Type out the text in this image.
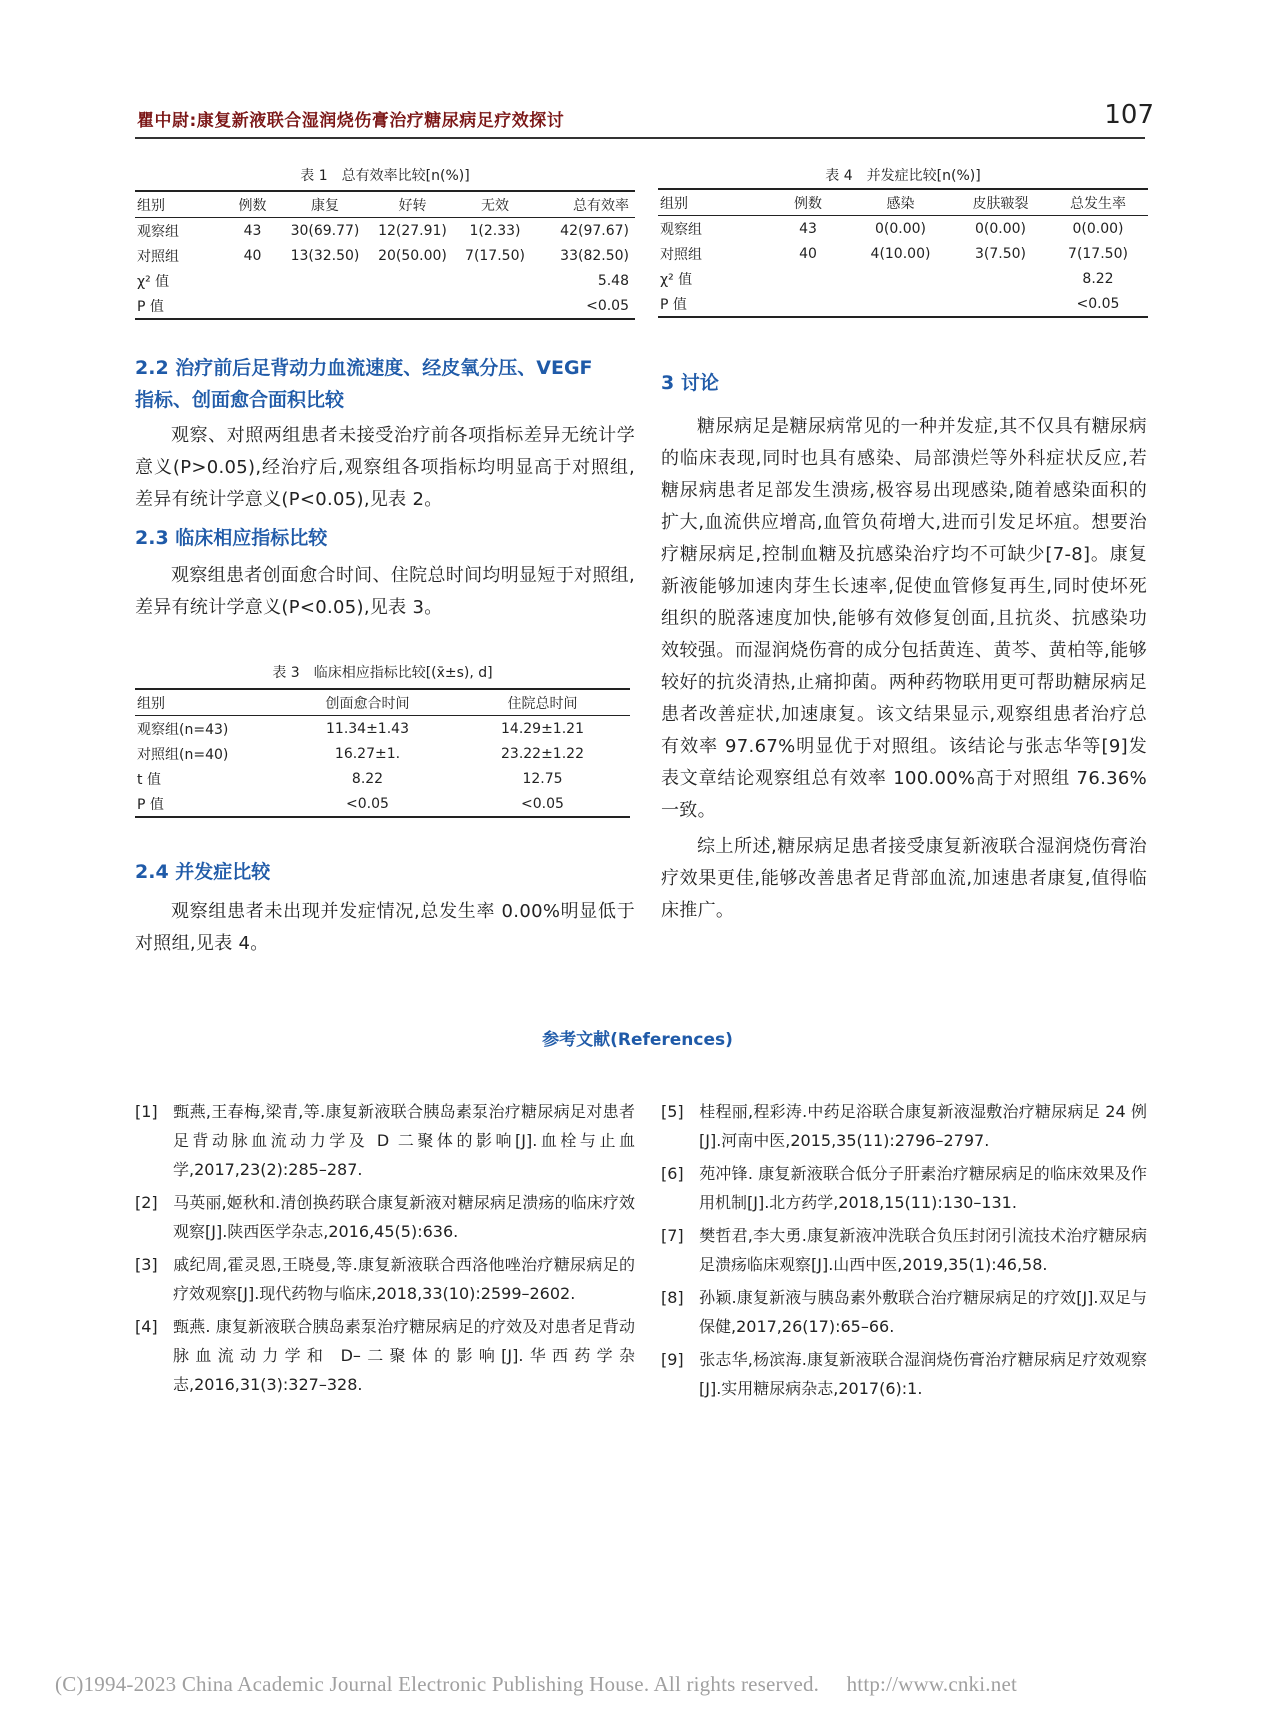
瞿中尉:康复新液联合湿润烧伤膏治疗糖尿病足疗效探讨	107
表 1　总有效率比较[n(%)]
组别	例数	康复	好转	无效	总有效率
观察组	43	30(69.77)	12(27.91)	1(2.33)	42(97.67)
对照组	40	13(32.50)	20(50.00)	7(17.50)	33(82.50)
χ² 值					5.48
P 值					<0.05
表 4　并发症比较[n(%)]
组别	例数	感染	皮肤皲裂	总发生率
观察组	43	0(0.00)	0(0.00)	0(0.00)
对照组	40	4(10.00)	3(7.50)	7(17.50)
χ² 值				8.22
P 值				<0.05
2.2 治疗前后足背动力血流速度、经皮氧分压、VEGF
指标、创面愈合面积比较
观察、对照两组患者未接受治疗前各项指标差异无统计学意义(P>0.05),经治疗后,观察组各项指标均明显高于对照组,差异有统计学意义(P<0.05),见表 2。
2.3 临床相应指标比较
观察组患者创面愈合时间、住院总时间均明显短于对照组,差异有统计学意义(P<0.05),见表 3。
表 3　临床相应指标比较[(x̄±s), d]
组别	创面愈合时间	住院总时间
观察组(n=43)	11.34±1.43	14.29±1.21
对照组(n=40)	16.27±1.	23.22±1.22
t 值	8.22	12.75
P 值	<0.05	<0.05
2.4 并发症比较
观察组患者未出现并发症情况,总发生率 0.00%明显低于对照组,见表 4。
3 讨论
糖尿病足是糖尿病常见的一种并发症,其不仅具有糖尿病的临床表现,同时也具有感染、局部溃烂等外科症状反应,若糖尿病患者足部发生溃疡,极容易出现感染,随着感染面积的扩大,血流供应增高,血管负荷增大,进而引发足坏疽。想要治疗糖尿病足,控制血糖及抗感染治疗均不可缺少[7-8]。康复新液能够加速肉芽生长速率,促使血管修复再生,同时使坏死组织的脱落速度加快,能够有效修复创面,且抗炎、抗感染功效较强。而湿润烧伤膏的成分包括黄连、黄芩、黄柏等,能够较好的抗炎清热,止痛抑菌。两种药物联用更可帮助糖尿病足患者改善症状,加速康复。该文结果显示,观察组患者治疗总有效率 97.67%明显优于对照组。该结论与张志华等[9]发表文章结论观察组总有效率 100.00%高于对照组 76.36%一致。
综上所述,糖尿病足患者接受康复新液联合湿润烧伤膏治疗效果更佳,能够改善患者足背部血流,加速患者康复,值得临床推广。
参考文献(References)
[1] 甄燕,王春梅,梁青,等.康复新液联合胰岛素泵治疗糖尿病足对患者足背动脉血流动力学及 D 二聚体的影响[J].血栓与止血学,2017,23(2):285–287.
[2] 马英丽,姬秋和.清创换药联合康复新液对糖尿病足溃疡的临床疗效观察[J].陕西医学杂志,2016,45(5):636.
[3] 戚纪周,霍灵恩,王晓曼,等.康复新液联合西洛他唑治疗糖尿病足的疗效观察[J].现代药物与临床,2018,33(10):2599–2602.
[4] 甄燕. 康复新液联合胰岛素泵治疗糖尿病足的疗效及对患者足背动脉血流动力学和 D–二聚体的影响[J].华西药学杂志,2016,31(3):327–328.
[5] 桂程丽,程彩涛.中药足浴联合康复新液湿敷治疗糖尿病足 24 例[J].河南中医,2015,35(11):2796–2797.
[6] 苑冲锋. 康复新液联合低分子肝素治疗糖尿病足的临床效果及作用机制[J].北方药学,2018,15(11):130–131.
[7] 樊哲君,李大勇.康复新液冲洗联合负压封闭引流技术治疗糖尿病足溃疡临床观察[J].山西中医,2019,35(1):46,58.
[8] 孙颖.康复新液与胰岛素外敷联合治疗糖尿病足的疗效[J].双足与保健,2017,26(17):65–66.
[9] 张志华,杨滨海.康复新液联合湿润烧伤膏治疗糖尿病足疗效观察[J].实用糖尿病杂志,2017(6):1.
(C)1994-2023 China Academic Journal Electronic Publishing House. All rights reserved. http://www.cnki.net
